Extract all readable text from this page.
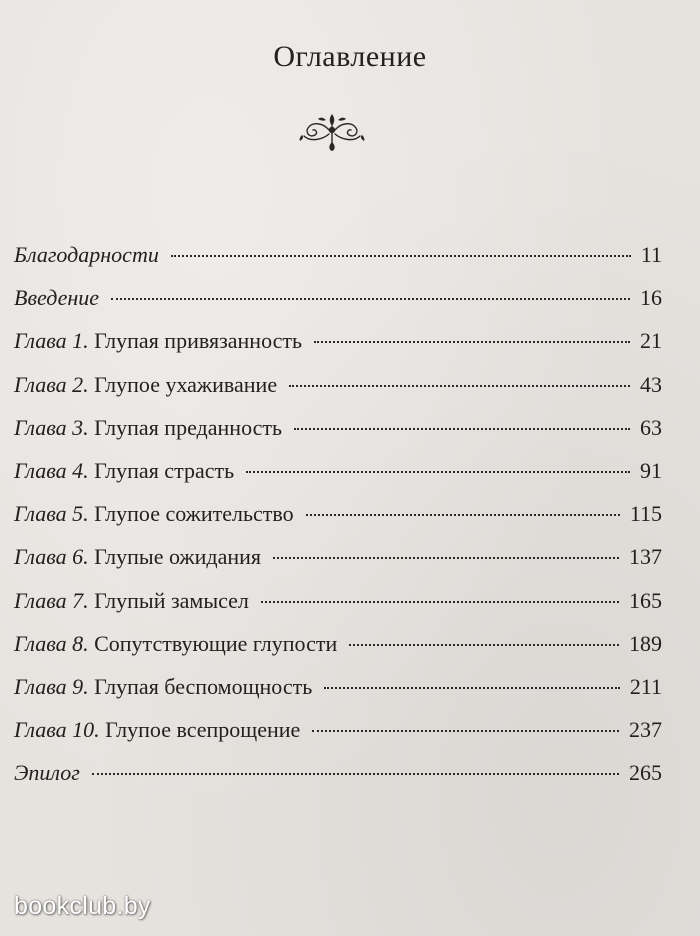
Оглавление
Благодарности	11
Введение	16
Глава 1. Глупая привязанность	21
Глава 2. Глупое ухаживание	43
Глава 3. Глупая преданность	63
Глава 4. Глупая страсть	91
Глава 5. Глупое сожительство	115
Глава 6. Глупые ожидания	137
Глава 7. Глупый замысел	165
Глава 8. Сопутствующие глупости	189
Глава 9. Глупая беспомощность	211
Глава 10. Глупое всепрощение	237
Эпилог	265
bookclub.by
